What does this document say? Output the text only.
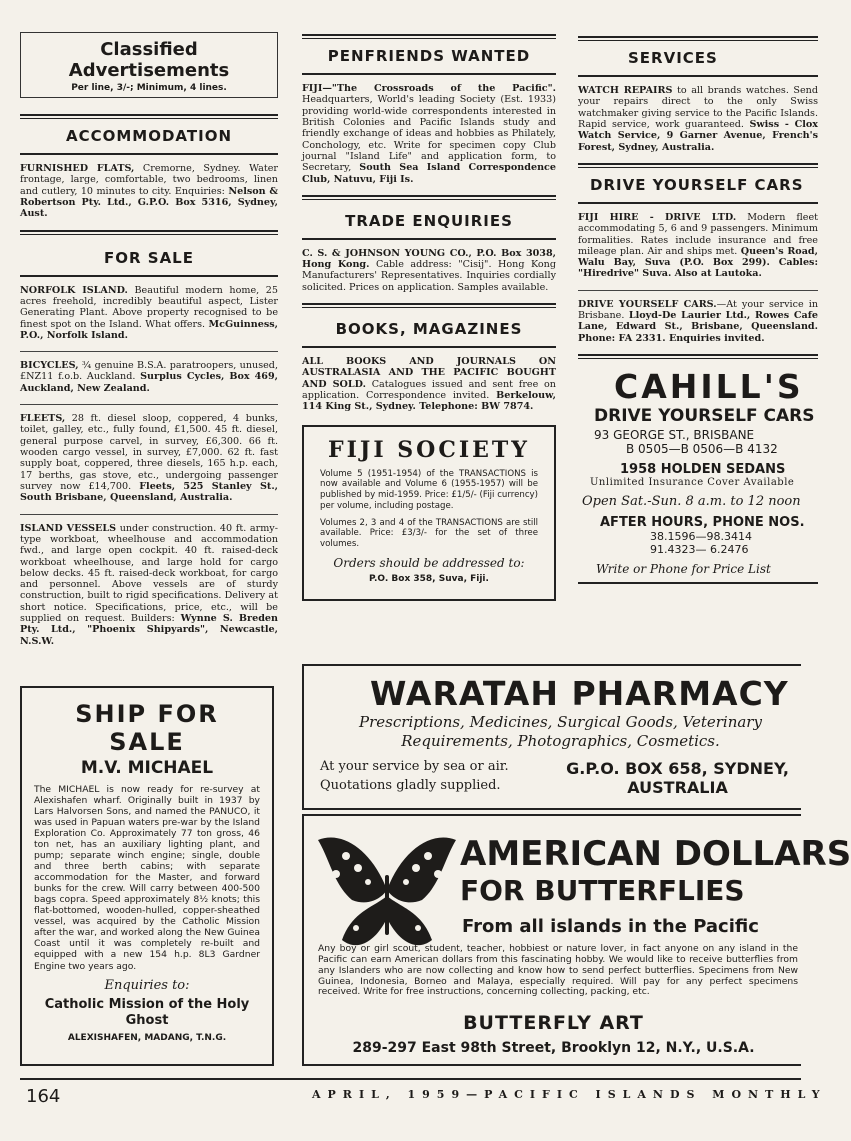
Classified Advertisements
Per line, 3/-; Minimum, 4 lines.
ACCOMMODATION
FURNISHED FLATS, Cremorne, Sydney. Water frontage, large, comfortable, two bedrooms, linen and cutlery, 10 minutes to city. Enquiries: Nelson & Robertson Pty. Ltd., G.P.O. Box 5316, Sydney, Aust.
FOR SALE
NORFOLK ISLAND. Beautiful modern home, 25 acres freehold, incredibly beautiful aspect, Lister Generating Plant. Above property recognised to be finest spot on the Island. What offers. McGuinness, P.O., Norfolk Island.
BICYCLES, ¾ genuine B.S.A. paratroopers, unused, £NZ11 f.o.b. Auckland. Surplus Cycles, Box 469, Auckland, New Zealand.
FLEETS, 28 ft. diesel sloop, coppered, 4 bunks, toilet, galley, etc., fully found, £1,500. 45 ft. diesel, general purpose carvel, in survey, £6,300. 66 ft. wooden cargo vessel, in survey, £7,000. 62 ft. fast supply boat, coppered, three diesels, 165 h.p. each, 17 berths, gas stove, etc., undergoing passenger survey now £14,700. Fleets, 525 Stanley St., South Brisbane, Queensland, Australia.
ISLAND VESSELS under construction. 40 ft. army-type workboat, wheelhouse and accommodation fwd., and large open cockpit. 40 ft. raised-deck workboat wheelhouse, and large hold for cargo below decks. 45 ft. raised-deck workboat, for cargo and personnel. Above vessels are of sturdy construction, built to rigid specifications. Delivery at short notice. Specifications, price, etc., will be supplied on request. Builders: Wynne S. Breden Pty. Ltd., "Phoenix Shipyards", Newcastle, N.S.W.
SHIP FOR SALE
M.V. MICHAEL
The MICHAEL is now ready for re-survey at Alexishafen wharf. Originally built in 1937 by Lars Halvorsen Sons, and named the PANUCO, it was used in Papuan waters pre-war by the Island Exploration Co. Approximately 77 ton gross, 46 ton net, has an auxiliary lighting plant, and pump; separate winch engine; single, double and three berth cabins; with separate accommodation for the Master, and forward bunks for the crew. Will carry between 400-500 bags copra. Speed approximately 8½ knots; this flat-bottomed, wooden-hulled, copper-sheathed vessel, was acquired by the Catholic Mission after the war, and worked along the New Guinea Coast until it was completely re-built and equipped with a new 154 h.p. 8L3 Gardner Engine two years ago.
Enquiries to:
Catholic Mission of the Holy Ghost
ALEXISHAFEN, MADANG, T.N.G.
PENFRIENDS WANTED
FIJI—"The Crossroads of the Pacific". Headquarters, World's leading Society (Est. 1933) providing world-wide correspondents interested in British Colonies and Pacific Islands study and friendly exchange of ideas and hobbies as Philately, Conchology, etc. Write for specimen copy Club journal "Island Life" and application form, to Secretary, South Sea Island Correspondence Club, Natuvu, Fiji Is.
TRADE ENQUIRIES
C. S. & JOHNSON YOUNG CO., P.O. Box 3038, Hong Kong. Cable address: "Cisij". Hong Kong Manufacturers' Representatives. Inquiries cordially solicited. Prices on application. Samples available.
BOOKS, MAGAZINES
ALL BOOKS AND JOURNALS ON AUSTRALASIA AND THE PACIFIC BOUGHT AND SOLD. Catalogues issued and sent free on application. Correspondence invited. Berkelouw, 114 King St., Sydney. Telephone: BW 7874.
FIJI SOCIETY
Volume 5 (1951-1954) of the TRANSACTIONS is now available and Volume 6 (1955-1957) will be published by mid-1959. Price: £1/5/- (Fiji currency) per volume, including postage.
Volumes 2, 3 and 4 of the TRANSACTIONS are still available. Price: £3/3/- for the set of three volumes.
Orders should be addressed to:
P.O. Box 358, Suva, Fiji.
SERVICES
WATCH REPAIRS to all brands watches. Send your repairs direct to the only Swiss watchmaker giving service to the Pacific Islands. Rapid service, work guaranteed. Swiss - Clox Watch Service, 9 Garner Avenue, French's Forest, Sydney, Australia.
DRIVE YOURSELF CARS
FIJI HIRE - DRIVE LTD. Modern fleet accommodating 5, 6 and 9 passengers. Minimum formalities. Rates include insurance and free mileage plan. Air and ships met. Queen's Road, Walu Bay, Suva (P.O. Box 299). Cables: "Hiredrive" Suva. Also at Lautoka.
DRIVE YOURSELF CARS.—At your service in Brisbane. Lloyd-De Laurier Ltd., Rowes Cafe Lane, Edward St., Brisbane, Queensland. Phone: FA 2331. Enquiries invited.
CAHILL'S
DRIVE YOURSELF CARS
93 GEORGE ST., BRISBANE
B 0505—B 0506—B 4132
1958 HOLDEN SEDANS
Unlimited Insurance Cover Available
Open Sat.-Sun. 8 a.m. to 12 noon
AFTER HOURS, PHONE NOS.
38.1596—98.3414
91.4323— 6.2476
Write or Phone for Price List
WARATAH PHARMACY
Prescriptions, Medicines, Surgical Goods, Veterinary Requirements, Photographics, Cosmetics.
At your service by sea or air.
Quotations gladly supplied.
G.P.O. BOX 658, SYDNEY,
AUSTRALIA
AMERICAN DOLLARS
FOR BUTTERFLIES
From all islands in the Pacific
Any boy or girl scout, student, teacher, hobbiest or nature lover, in fact anyone on any island in the Pacific can earn American dollars from this fascinating hobby. We would like to receive butterflies from any Islanders who are now collecting and know how to send perfect butterflies. Specimens from New Guinea, Indonesia, Borneo and Malaya, especially required. Will pay for any perfect specimens received. Write for free instructions, concerning collecting, packing, etc.
BUTTERFLY ART
289-297 East 98th Street, Brooklyn 12, N.Y., U.S.A.
164	APRIL, 1959—PACIFIC ISLANDS MONTHLY
